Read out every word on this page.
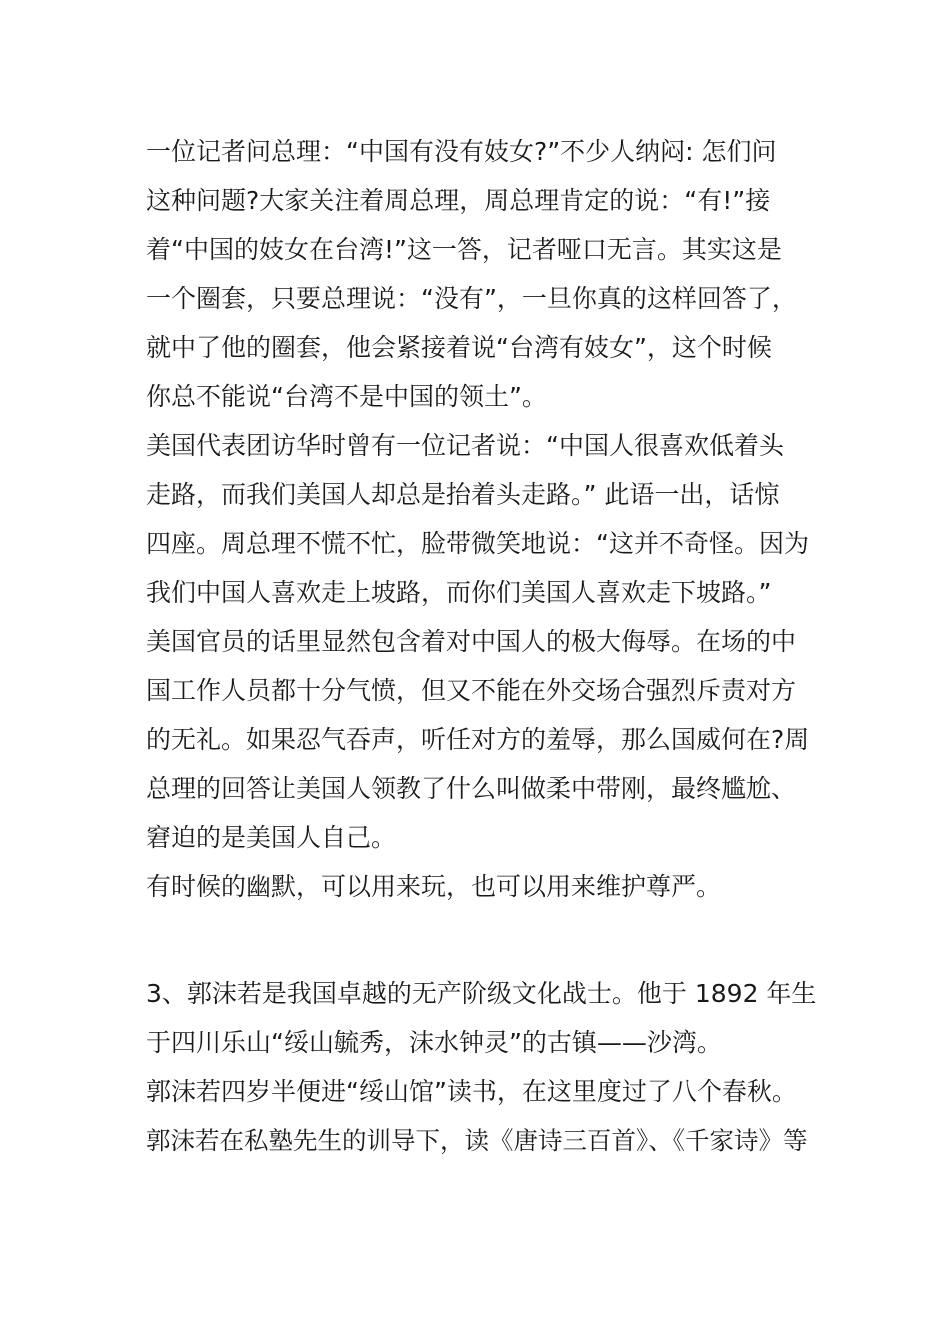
一位记者问总理：“中国有没有妓女?”不少人纳闷: 怎们问
这种问题?大家关注着周总理，周总理肯定的说：“有!”接
着“中国的妓女在台湾!”这一答，记者哑口无言。其实这是
一个圈套，只要总理说：“没有”，一旦你真的这样回答了，
就中了他的圈套，他会紧接着说“台湾有妓女”，这个时候
你总不能说“台湾不是中国的领土”。
美国代表团访华时曾有一位记者说：“中国人很喜欢低着头
走路，而我们美国人却总是抬着头走路。” 此语一出，话惊
四座。周总理不慌不忙，脸带微笑地说：“这并不奇怪。因为
我们中国人喜欢走上坡路，而你们美国人喜欢走下坡路。”
美国官员的话里显然包含着对中国人的极大侮辱。在场的中
国工作人员都十分气愤，但又不能在外交场合强烈斥责对方
的无礼。如果忍气吞声，听任对方的羞辱，那么国威何在?周
总理的回答让美国人领教了什么叫做柔中带刚，最终尴尬、
窘迫的是美国人自己。
有时候的幽默，可以用来玩，也可以用来维护尊严。
3、郭沫若是我国卓越的无产阶级文化战士。他于 1892 年生
于四川乐山“绥山毓秀，沫水钟灵”的古镇——沙湾。
郭沫若四岁半便进“绥山馆”读书，在这里度过了八个春秋。
郭沫若在私塾先生的训导下，读《唐诗三百首》、《千家诗》等
